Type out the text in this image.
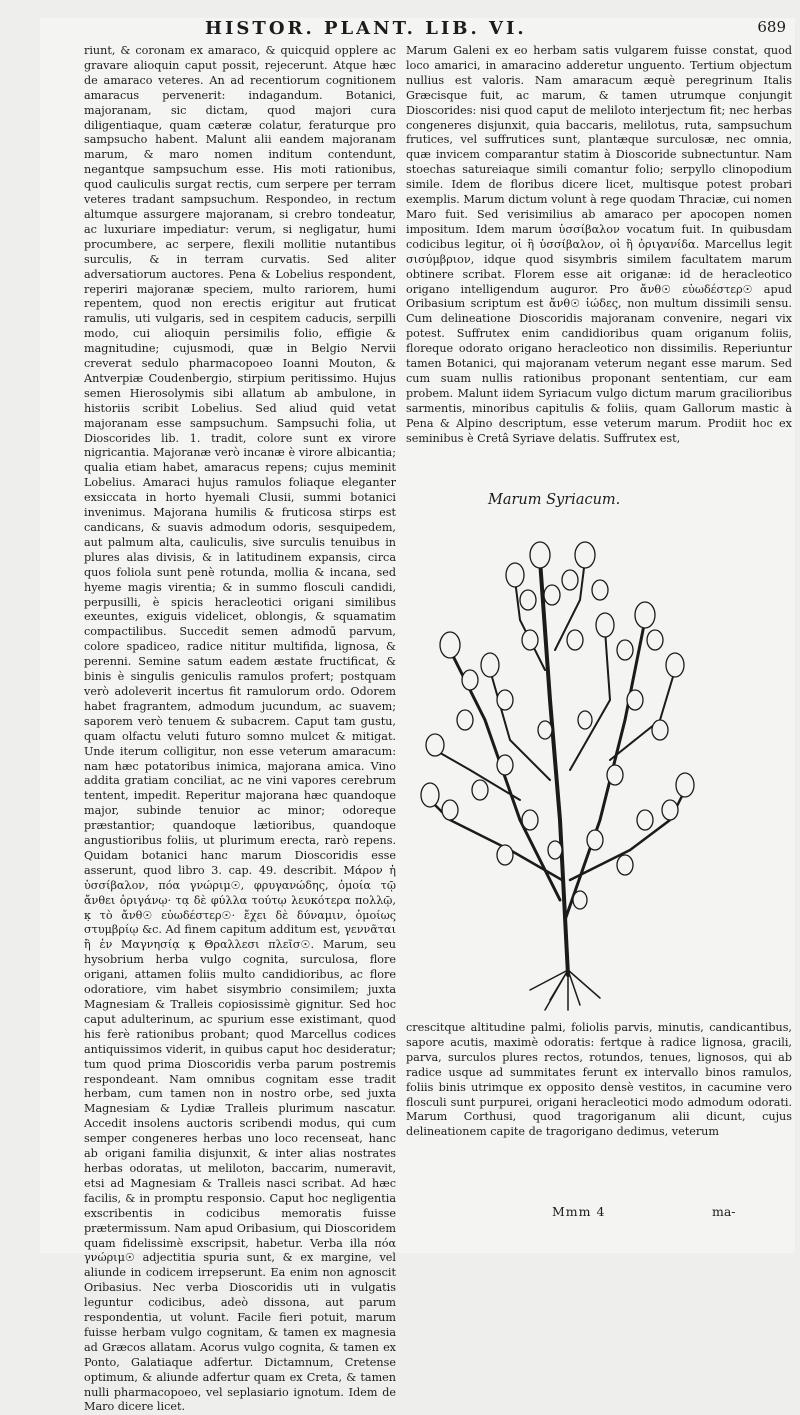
HISTOR. PLANT. LIB. VI.	689

riunt, & coronam ex amaraco, & quicquid opplere ac gravare alioquin caput possit, rejecerunt. Atque hæc de amaraco veteres. An ad recentiorum cognitionem amaracus pervenerit: indagandum. Botanici, majoranam, sic dictam, quod majori cura diligentiaque, quam cæteræ colatur, feraturque pro sampsucho habent. Malunt alii eandem majoranam marum, & maro nomen inditum contendunt, negantque sampsuchum esse. His moti rationibus, quod cauliculis surgat rectis, cum serpere per terram veteres tradant sampsuchum. Respondeo, in rectum altumque assurgere majoranam, si crebro tondeatur, ac luxuriare impediatur: verum, si negligatur, humi procumbere, ac serpere, flexili mollitie nutantibus surculis, & in terram curvatis. Sed aliter adversatiorum auctores. Pena & Lobelius respondent, reperiri majoranæ speciem, multo rariorem, humi repentem, quod non erectis erigitur aut fruticat ramulis, uti vulgaris, sed in cespitem caducis, serpilli modo, cui alioquin persimilis folio, effigie & magnitudine; cujusmodi, quæ in Belgio Nervii creverat sedulo pharmacopoeo Ioanni Mouton, & Antverpiæ Coudenbergio, stirpium peritissimo. Hujus semen Hierosolymis sibi allatum ab ambulone, in historiis scribit Lobelius. Sed aliud quid vetat majoranam esse sampsuchum. Sampsuchi folia, ut Dioscorides lib. 1. tradit, colore sunt ex virore nigricantia. Majoranæ verò incanæ è virore albicantia; qualia etiam habet, amaracus repens; cujus meminit Lobelius. Amaraci hujus ramulos foliaque eleganter exsiccata in horto hyemali Clusii, summi botanici invenimus. Majorana humilis & fruticosa stirps est candicans, & suavis admodum odoris, sesquipedem, aut palmum alta, cauliculis, sive surculis tenuibus in plures alas divisis, & in latitudinem expansis, circa quos foliola sunt penè rotunda, mollia & incana, sed hyeme magis virentia; & in summo flosculi candidi, perpusilli, è spicis heracleotici origani similibus exeuntes, exiguis videlicet, oblongis, & squamatim compactilibus. Succedit semen admodū parvum, colore spadiceo, radice nititur multifida, lignosa, & perenni. Semine satum eadem æstate fructificat, & binis è singulis geniculis ramulos profert; postquam verò adoleverit incertus fit ramulorum ordo. Odorem habet fragrantem, admodum jucundum, ac suavem; saporem verò tenuem & subacrem. Caput tam gustu, quam olfactu veluti futuro somno mulcet & mitigat. Unde iterum colligitur, non esse veterum amaracum: nam hæc potatoribus inimica, majorana amica. Vino addita gratiam conciliat, ac ne vini vapores cerebrum tentent, impedit. Reperitur majorana hæc quandoque major, subinde tenuior ac minor; odoreque præstantior; quandoque lætioribus, quandoque angustioribus foliis, ut plurimum erecta, rarò repens. Quidam botanici hanc marum Dioscoridis esse asserunt, quod libro 3. cap. 49. describit. Μάρον ἡ ὑσσίβαλον, πόα γνώριμ☉, φρυγανώδης, ὁμοία τῷ ἄνθει ὀριγάνῳ· τα̣ δὲ φύλλα τούτῳ λευκότερα πολλῷ, κ̣ τὸ ἄνθ☉ εὐωδέστερ☉· ἔχει δὲ δύναμιν, ὁμοίως στυμβρίῳ &c. Ad finem capitum additum est, γεννᾶται ἢ ἐν Μαγνησίᾳ κ̣ Θραλλεσι πλεῖσ☉. Marum, seu hysobrium herba vulgo cognita, surculosa, flore origani, attamen foliis multo candidioribus, ac flore odoratiore, vim habet sisymbrio consimilem; juxta Magnesiam & Tralleis copiosissimè gignitur. Sed hoc caput adulterinum, ac spurium esse existimant, quod his ferè rationibus probant; quod Marcellus codices antiquissimos viderit, in quibus caput hoc desideratur; tum quod prima Dioscoridis verba parum postremis respondeant. Nam omnibus cognitam esse tradit herbam, cum tamen non in nostro orbe, sed juxta Magnesiam & Lydiæ Tralleis plurimum nascatur. Accedit insolens auctoris scribendi modus, qui cum semper congeneres herbas uno loco recenseat, hanc ab origani familia disjunxit, & inter alias nostrates herbas odoratas, ut meliloton, baccarim, numeravit, etsi ad Magnesiam & Tralleis nasci scribat. Ad hæc facilis, & in promptu responsio. Caput hoc negligentia exscribentis in codicibus memoratis fuisse prætermissum. Nam apud Oribasium, qui Dioscoridem quam fidelissimè exscripsit, habetur. Verba illa πόα γνώριμ☉ adjectitia spuria sunt, & ex margine, vel aliunde in codicem irrepserunt. Ea enim non agnoscit Oribasius. Nec verba Dioscoridis uti in vulgatis leguntur codicibus, adeò dissona, aut parum respondentia, ut volunt. Facile fieri potuit, marum fuisse herbam vulgo cognitam, & tamen ex magnesia ad Græcos allatam. Acorus vulgo cognita, & tamen ex Ponto, Galatiaque adfertur. Dictamnum, Cretense optimum, & aliunde adfertur quam ex Creta, & tamen nulli pharmacopoeo, vel seplasiario ignotum. Idem de Maro dicere licet.

Marum Galeni ex eo herbam satis vulgarem fuisse constat, quod loco amarici, in amaracino adderetur unguento. Tertium objectum nullius est valoris. Nam amaracum æquè peregrinum Italis Græcisque fuit, ac marum, & tamen utrumque conjungit Dioscorides: nisi quod caput de meliloto interjectum fit; nec herbas congeneres disjunxit, quia baccaris, melilotus, ruta, sampsuchum frutices, vel suffrutices sunt, plantæque surculosæ, nec omnia, quæ invicem comparantur statim à Dioscoride subnectuntur. Nam stoechas satureiaque simili comantur folio; serpyllo clinopodium simile. Idem de floribus dicere licet, multisque potest probari exemplis. Marum dictum volunt à rege quodam Thraciæ, cui nomen Maro fuit. Sed verisimilius ab amaraco per apocopen nomen impositum. Idem marum ὑσσίβαλον vocatum fuit. In quibusdam codicibus legitur, οἱ ἢ ὑσσίβαλον, οἱ ἢ ὀριγανίδα. Marcellus legit σισύμβριον, idque quod sisymbris similem facultatem marum obtinere scribat. Florem esse ait origanæ: id de heracleotico origano intelligendum auguror. Pro ἄνθ☉ εὐωδέστερ☉ apud Oribasium scriptum est ἄνθ☉ ἰώδες, non multum dissimili sensu. Cum delineatione Dioscoridis majoranam convenire, negari vix potest. Suffrutex enim candidioribus quam origanum foliis, floreque odorato origano heracleotico non dissimilis. Reperiuntur tamen Botanici, qui majoranam veterum negant esse marum. Sed cum suam nullis rationibus proponant sententiam, cur eam probem. Malunt iidem Syriacum vulgo dictum marum gracilioribus sarmentis, minoribus capitulis & foliis, quam Gallorum mastic à Pena & Alpino descriptum, esse veterum marum. Prodiit hoc ex seminibus è Cretâ Syriave delatis. Suffrutex est,

Marum Syriacum.

crescitque altitudine palmi, foliolis parvis, minutis, candicantibus, sapore acutis, maximè odoratis: fertque à radice lignosa, gracili, parva, surculos plures rectos, rotundos, tenues, lignosos, qui ab radice usque ad summitates ferunt ex intervallo binos ramulos, foliis binis utrimque ex opposito densè vestitos, in cacumine vero flosculi sunt purpurei, origani heracleotici modo admodum odorati. Marum Corthusi, quod tragoriganum alii dicunt, cujus delineationem capite de tragorigano dedimus, veterum

Mmm 4	ma-
